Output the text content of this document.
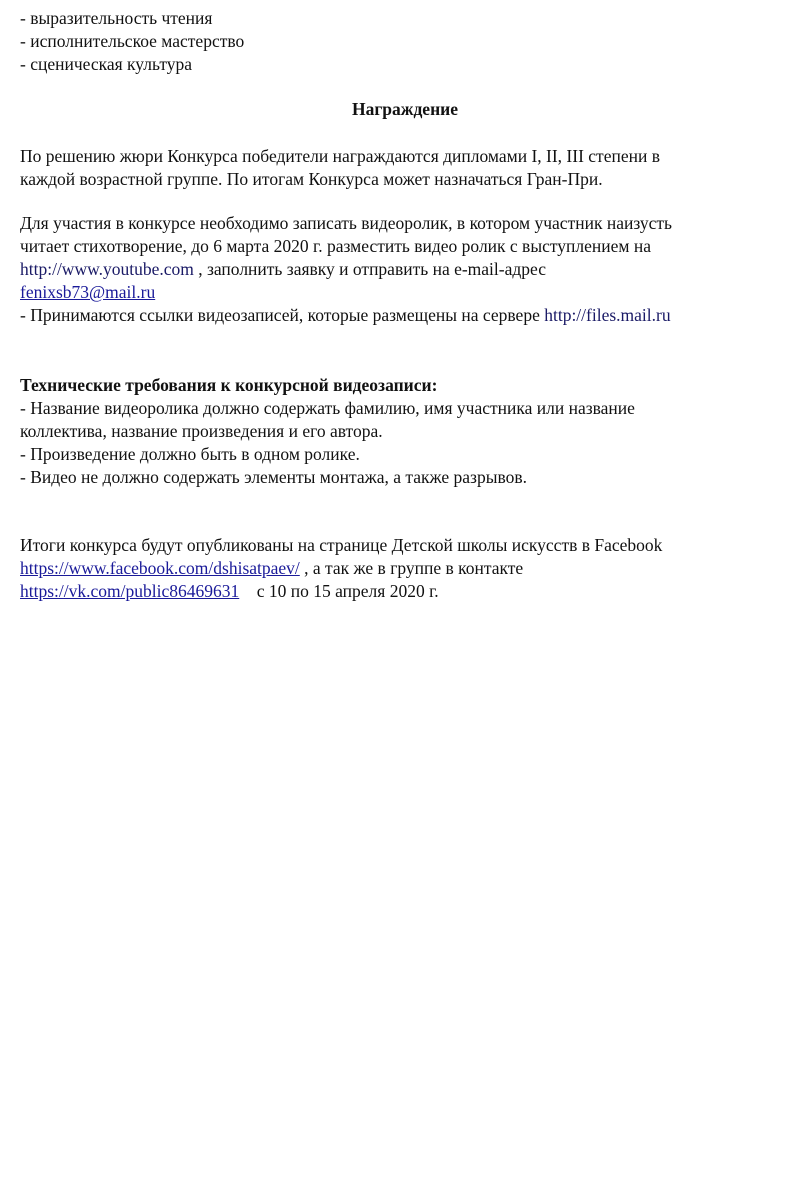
- выразительность чтения
- исполнительское мастерство
- сценическая культура
Награждение
По решению жюри Конкурса победители награждаются дипломами I, II, III степени в
каждой возрастной группе. По итогам Конкурса может назначаться Гран-При.
Для участия в конкурсе необходимо записать видеоролик, в котором участник наизусть
читает стихотворение, до 6 марта 2020 г. разместить видео ролик с выступлением на
http://www.youtube.com , заполнить заявку и отправить на e-mail-адрес
fenixsb73@mail.ru
- Принимаются ссылки видеозаписей, которые размещены на сервере http://files.mail.ru
Технические требования к конкурсной видеозаписи:
- Название видеоролика должно содержать фамилию, имя участника или название
коллектива, название произведения и его автора.
- Произведение должно быть в одном ролике.
- Видео не должно содержать элементы монтажа, а также разрывов.
Итоги конкурса будут опубликованы на странице Детской школы искусств в Facebook
https://www.facebook.com/dshisatpaev/ , а так же в группе в контакте
https://vk.com/public86469631    с 10 по 15 апреля 2020 г.
